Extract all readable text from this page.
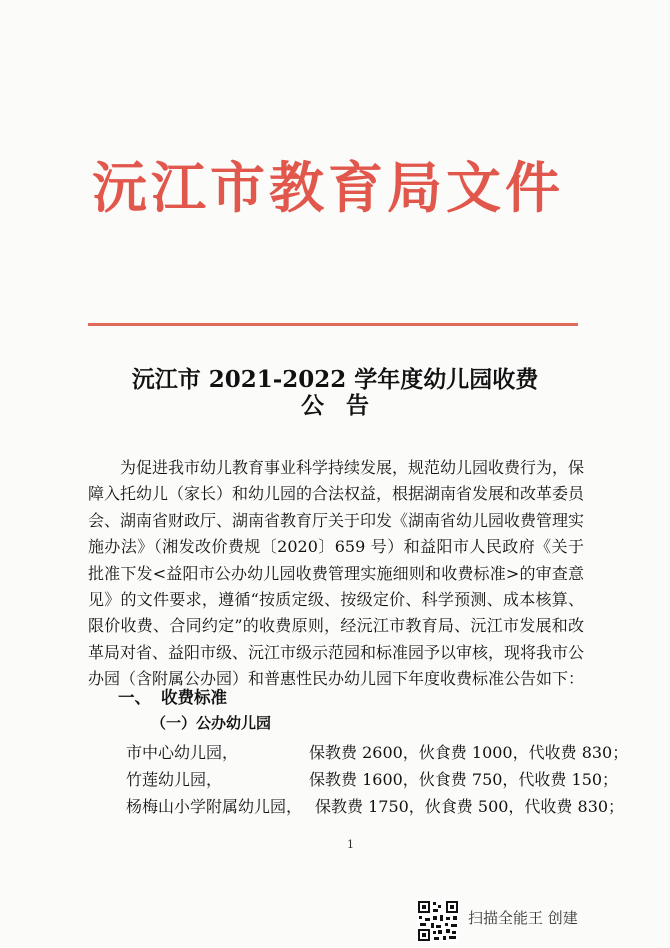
沅江市教育局文件
沅江市 2021-2022 学年度幼儿园收费
公告

为促进我市幼儿教育事业科学持续发展，规范幼儿园收费行为，保障入托幼儿（家长）和幼儿园的合法权益，根据湖南省发展和改革委员会、湖南省财政厅、湖南省教育厅关于印发《湖南省幼儿园收费管理实施办法》（湘发改价费规〔2020〕659 号）和益阳市人民政府《关于批准下发<益阳市公办幼儿园收费管理实施细则和收费标准>的审查意见》的文件要求，遵循“按质定级、按级定价、科学预测、成本核算、限价收费、合同约定”的收费原则，经沅江市教育局、沅江市发展和改革局对省、益阳市级、沅江市级示范园和标准园予以审核，现将我市公办园（含附属公办园）和普惠性民办幼儿园下年度收费标准公告如下：

一、 收费标准
（一）公办幼儿园
市中心幼儿园，	保教费 2600，伙食费 1000，代收费 830；
竹莲幼儿园，	保教费 1600，伙食费 750，代收费 150；
杨梅山小学附属幼儿园， 保教费 1750，伙食费 500，代收费 830；
1
扫描全能王 创建
